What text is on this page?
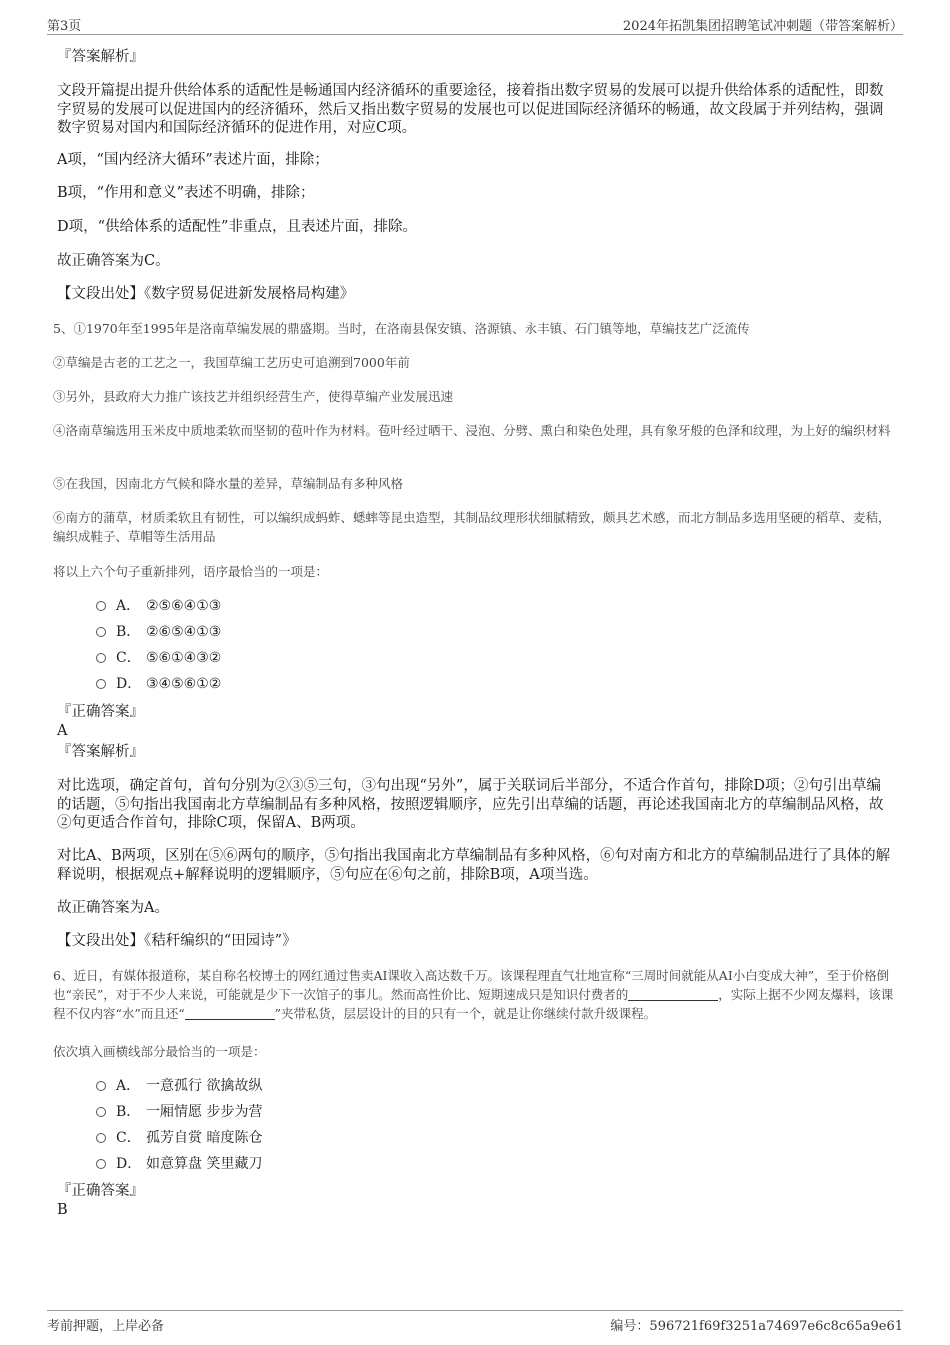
第3页	2024年拓凯集团招聘笔试冲刺题（带答案解析）

『答案解析』

文段开篇提出提升供给体系的适配性是畅通国内经济循环的重要途径，接着指出数字贸易的发展可以提升供给体系的适配性，即数字贸易的发展可以促进国内的经济循环，然后又指出数字贸易的发展也可以促进国际经济循环的畅通，故文段属于并列结构，强调数字贸易对国内和国际经济循环的促进作用，对应C项。

A项，“国内经济大循环”表述片面，排除；

B项，“作用和意义”表述不明确，排除；

D项，“供给体系的适配性”非重点，且表述片面，排除。

故正确答案为C。

【文段出处】《数字贸易促进新发展格局构建》

5、①1970年至1995年是洛南草编发展的鼎盛期。当时，在洛南县保安镇、洛源镇、永丰镇、石门镇等地，草编技艺广泛流传

②草编是古老的工艺之一，我国草编工艺历史可追溯到7000年前

③另外，县政府大力推广该技艺并组织经营生产，使得草编产业发展迅速

④洛南草编选用玉米皮中质地柔软而坚韧的苞叶作为材料。苞叶经过晒干、浸泡、分劈、熏白和染色处理，具有象牙般的色泽和纹理，为上好的编织材料

⑤在我国，因南北方气候和降水量的差异，草编制品有多种风格

⑥南方的蒲草，材质柔软且有韧性，可以编织成蚂蚱、蟋蟀等昆虫造型，其制品纹理形状细腻精致，颇具艺术感，而北方制品多选用坚硬的稻草、麦秸，编织成鞋子、草帽等生活用品

将以上六个句子重新排列，语序最恰当的一项是：

A． ②⑤⑥④①③
B． ②⑥⑤④①③
C． ⑤⑥①④③②
D． ③④⑤⑥①②

『正确答案』

A

『答案解析』

对比选项，确定首句，首句分别为②③⑤三句，③句出现“另外”，属于关联词后半部分，不适合作首句，排除D项；②句引出草编的话题，⑤句指出我国南北方草编制品有多种风格，按照逻辑顺序，应先引出草编的话题，再论述我国南北方的草编制品风格，故②句更适合作首句，排除C项，保留A、B两项。

对比A、B两项，区别在⑤⑥两句的顺序，⑤句指出我国南北方草编制品有多种风格，⑥句对南方和北方的草编制品进行了具体的解释说明，根据观点+解释说明的逻辑顺序，⑤句应在⑥句之前，排除B项，A项当选。

故正确答案为A。

【文段出处】《秸秆编织的“田园诗”》

6、近日，有媒体报道称，某自称名校博士的网红通过售卖AI课收入高达数千万。该课程理直气壮地宣称“三周时间就能从AI小白变成大神”，至于价格倒也“亲民”，对于不少人来说，可能就是少下一次馆子的事儿。然而高性价比、短期速成只是知识付费者的	，实际上据不少网友爆料，该课程不仅内容“水”而且还“	”夹带私货，层层设计的目的只有一个，就是让你继续付款升级课程。

依次填入画横线部分最恰当的一项是：

A． 一意孤行 欲擒故纵
B． 一厢情愿 步步为营
C． 孤芳自赏 暗度陈仓
D． 如意算盘 笑里藏刀

『正确答案』

B

考前押题，上岸必备	编号：596721f69f3251a74697e6c8c65a9e61
